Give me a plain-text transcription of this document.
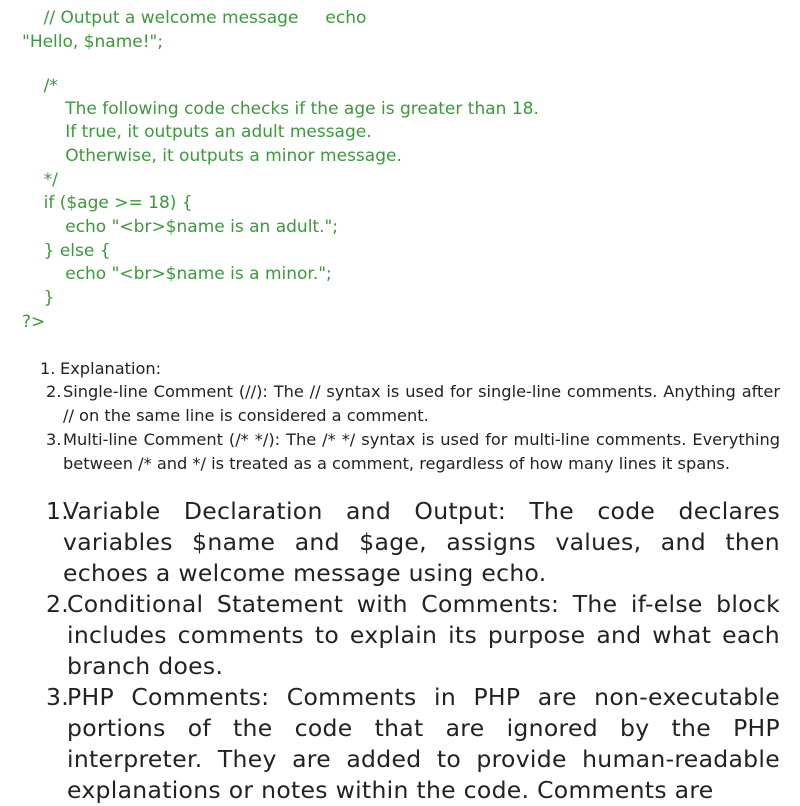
// Output a welcome message     echo
"Hello, $name!";
/*
The following code checks if the age is greater than 18.
If true, it outputs an adult message.
Otherwise, it outputs a minor message.
*/
if ($age >= 18) {
echo "<br>$name is an adult.";
} else {
echo "<br>$name is a minor.";
}
?>
1. Explanation:
2. Single-line Comment (//): The // syntax is used for single-line comments. Anything after // on the same line is considered a comment.
3. Multi-line Comment (/* */): The /* */ syntax is used for multi-line comments. Everything between /* and */ is treated as a comment, regardless of how many lines it spans.
1.
Variable Declaration and Output: The code declares variables $name and $age, assigns values, and then echoes a welcome message using echo.
2.
Conditional Statement with Comments: The if-else block includes comments to explain its purpose and what each branch does.
3.
PHP Comments: Comments in PHP are non-executable portions of the code that are ignored by the PHP interpreter. They are added to provide human-readable explanations or notes within the code. Comments are
